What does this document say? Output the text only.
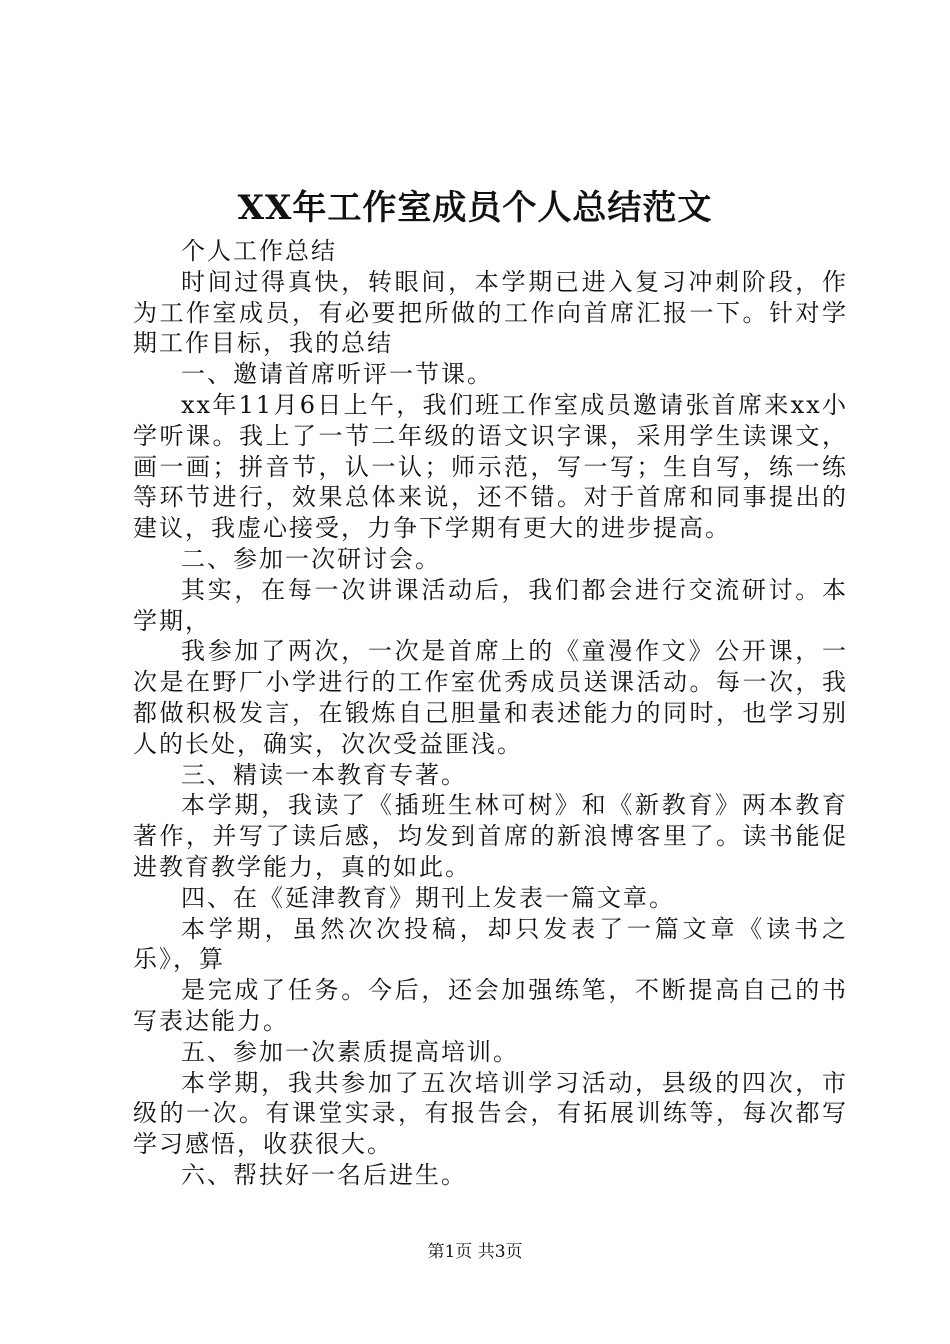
XX年工作室成员个人总结范文

个人工作总结

时间过得真快，转眼间，本学期已进入复习冲刺阶段，作为工作室成员，有必要把所做的工作向首席汇报一下。针对学期工作目标，我的总结

一、邀请首席听评一节课。

xx年11月6日上午，我们班工作室成员邀请张首席来xx小学听课。我上了一节二年级的语文识字课，采用学生读课文，画一画；拼音节，认一认；师示范，写一写；生自写，练一练等环节进行，效果总体来说，还不错。对于首席和同事提出的建议，我虚心接受，力争下学期有更大的进步提高。

二、参加一次研讨会。

其实，在每一次讲课活动后，我们都会进行交流研讨。本学期，

我参加了两次，一次是首席上的《童漫作文》公开课，一次是在野厂小学进行的工作室优秀成员送课活动。每一次，我都做积极发言，在锻炼自己胆量和表述能力的同时，也学习别人的长处，确实，次次受益匪浅。

三、精读一本教育专著。

本学期，我读了《插班生林可树》和《新教育》两本教育著作，并写了读后感，均发到首席的新浪博客里了。读书能促进教育教学能力，真的如此。

四、在《延津教育》期刊上发表一篇文章。

本学期，虽然次次投稿，却只发表了一篇文章《读书之乐》，算

是完成了任务。今后，还会加强练笔，不断提高自己的书写表达能力。

五、参加一次素质提高培训。

本学期，我共参加了五次培训学习活动，县级的四次，市级的一次。有课堂实录，有报告会，有拓展训练等，每次都写学习感悟，收获很大。

六、帮扶好一名后进生。

第1页 共3页
